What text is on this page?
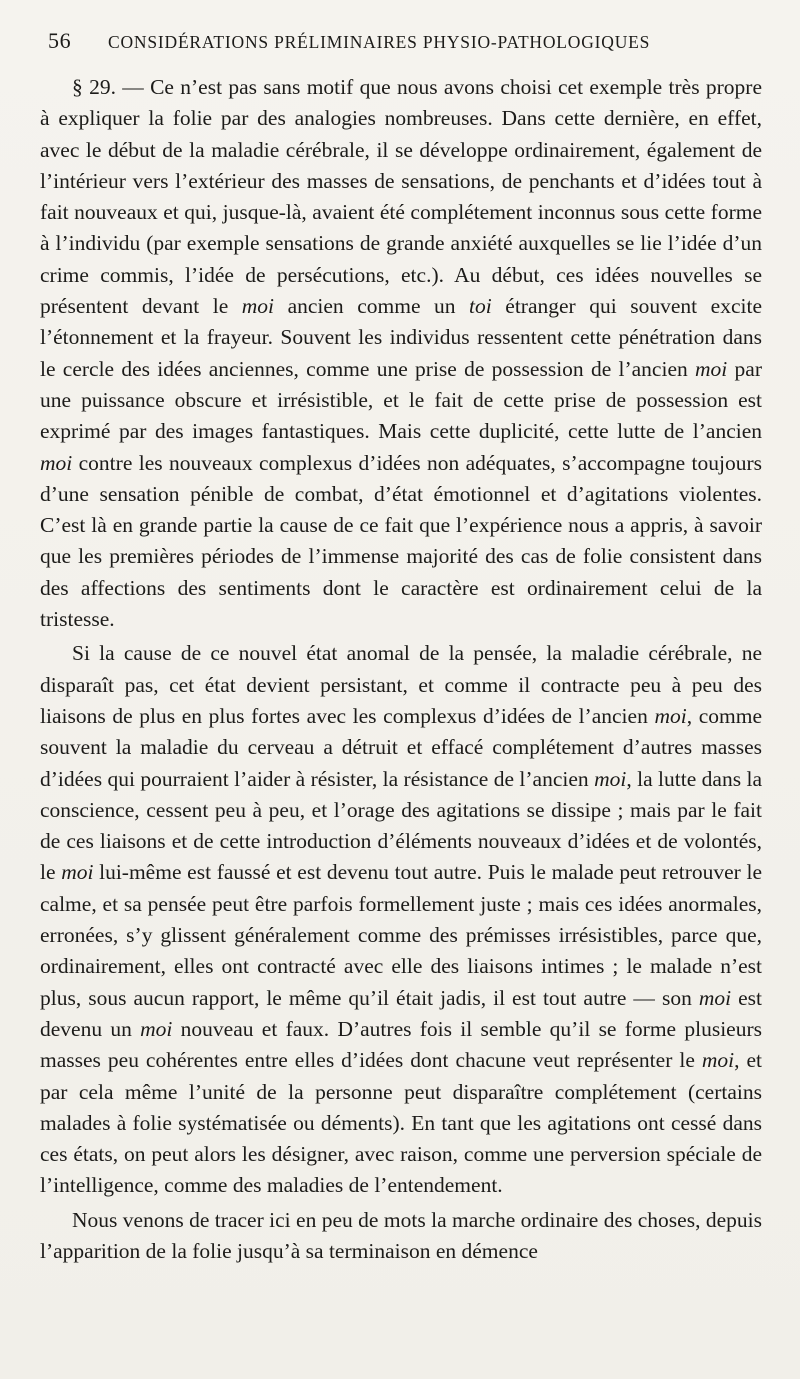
56	CONSIDÉRATIONS PRÉLIMINAIRES PHYSIO-PATHOLOGIQUES

§ 29. — Ce n’est pas sans motif que nous avons choisi cet exemple très propre à expliquer la folie par des analogies nombreuses. Dans cette dernière, en effet, avec le début de la maladie cérébrale, il se développe ordinairement, également de l’intérieur vers l’extérieur des masses de sensations, de penchants et d’idées tout à fait nouveaux et qui, jusque-là, avaient été complétement inconnus sous cette forme à l’individu (par exemple sensations de grande anxiété auxquelles se lie l’idée d’un crime commis, l’idée de persécutions, etc.). Au début, ces idées nouvelles se présentent devant le moi ancien comme un toi étranger qui souvent excite l’étonnement et la frayeur. Souvent les individus ressentent cette pénétration dans le cercle des idées anciennes, comme une prise de possession de l’ancien moi par une puissance obscure et irrésistible, et le fait de cette prise de possession est exprimé par des images fantastiques. Mais cette duplicité, cette lutte de l’ancien moi contre les nouveaux complexus d’idées non adéquates, s’accompagne toujours d’une sensation pénible de combat, d’état émotionnel et d’agitations violentes. C’est là en grande partie la cause de ce fait que l’expérience nous a appris, à savoir que les premières périodes de l’immense majorité des cas de folie consistent dans des affections des sentiments dont le caractère est ordinairement celui de la tristesse.

Si la cause de ce nouvel état anomal de la pensée, la maladie cérébrale, ne disparaît pas, cet état devient persistant, et comme il contracte peu à peu des liaisons de plus en plus fortes avec les complexus d’idées de l’ancien moi, comme souvent la maladie du cerveau a détruit et effacé complétement d’autres masses d’idées qui pourraient l’aider à résister, la résistance de l’ancien moi, la lutte dans la conscience, cessent peu à peu, et l’orage des agitations se dissipe ; mais par le fait de ces liaisons et de cette introduction d’éléments nouveaux d’idées et de volontés, le moi lui-même est faussé et est devenu tout autre. Puis le malade peut retrouver le calme, et sa pensée peut être parfois formellement juste ; mais ces idées anormales, erronées, s’y glissent généralement comme des prémisses irrésistibles, parce que, ordinairement, elles ont contracté avec elle des liaisons intimes ; le malade n’est plus, sous aucun rapport, le même qu’il était jadis, il est tout autre — son moi est devenu un moi nouveau et faux. D’autres fois il semble qu’il se forme plusieurs masses peu cohérentes entre elles d’idées dont chacune veut représenter le moi, et par cela même l’unité de la personne peut disparaître complétement (certains malades à folie systématisée ou déments). En tant que les agitations ont cessé dans ces états, on peut alors les désigner, avec raison, comme une perversion spéciale de l’intelligence, comme des maladies de l’entendement.

Nous venons de tracer ici en peu de mots la marche ordinaire des choses, depuis l’apparition de la folie jusqu’à sa terminaison en démence
